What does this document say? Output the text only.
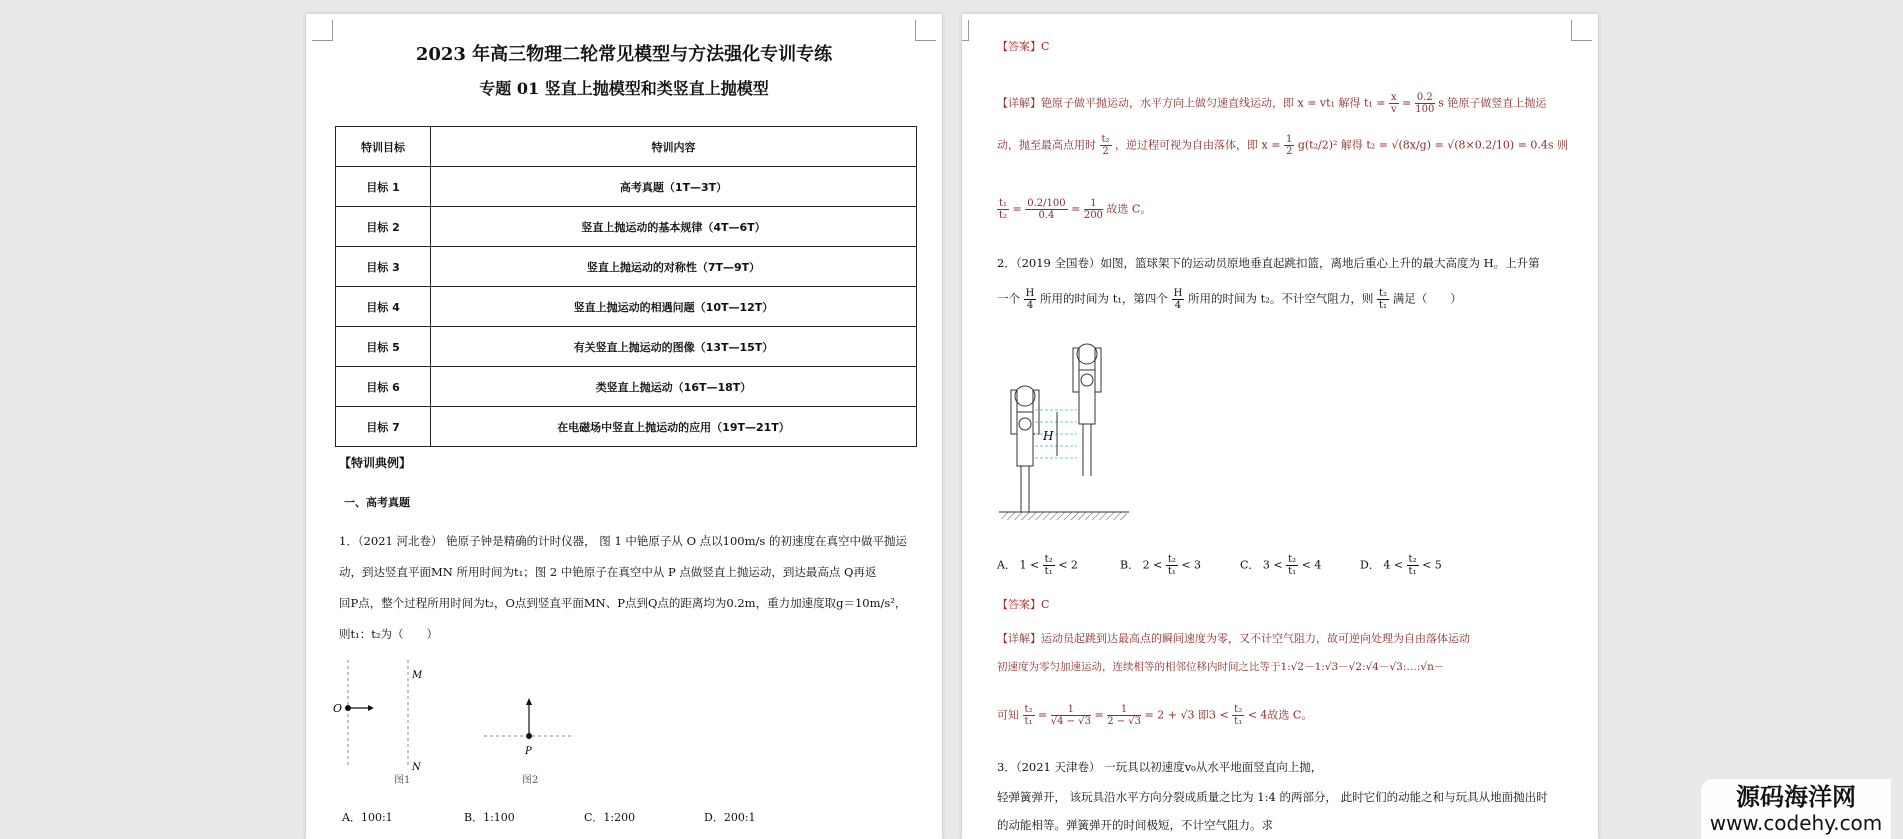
2023 年高三物理二轮常见模型与方法强化专训专练
专题 01 竖直上抛模型和类竖直上抛模型
特训目标	特训内容
目标 1	高考真题（1T—3T）
目标 2	竖直上抛运动的基本规律（4T—6T）
目标 3	竖直上抛运动的对称性（7T—9T）
目标 4	竖直上抛运动的相遇问题（10T—12T）
目标 5	有关竖直上抛运动的图像（13T—15T）
目标 6	类竖直上抛运动（16T—18T）
目标 7	在电磁场中竖直上抛运动的应用（19T—21T）
【特训典例】
一、高考真题
1．（2021 河北卷） 铯原子钟是精确的计时仪器， 图 1 中铯原子从 O 点以100m/s 的初速度在真空中做平抛运
动，到达竖直平面MN 所用时间为t₁；图 2 中铯原子在真空中从 P 点做竖直上抛运动，到达最高点 Q再返
回P点，整个过程所用时间为t₂，O点到竖直平面MN、P点到Q点的距离均为0.2m，重力加速度取g＝10m/s²，
则t₁：t₂为（　　）
O
M
N
P
图1	图2
A．100:1	B．1:100	C．1:200	D．200:1
【答案】C
【详解】铯原子做平抛运动，水平方向上做匀速直线运动，即 x = vt₁ 解得 $t_1 = \frac{x}{v} = \frac{0.2}{100}$ s 铯原子做竖直上抛运
动，抛至最高点用时 $\frac{\text{t₂}}{2}$ ，逆过程可视为自由落体，即 $x = \frac{1}{2} g(t_2/2)^2$ 解得 t₂ = √(8x/g) = √(8×0.2/10) = 0.4s 则
$\frac{\text{t₁}}{\text{t₂}} = \frac{0.2/100}{0.4} = \frac{1}{200}$ 故选 C。
2．（2019 全国卷）如图，篮球架下的运动员原地垂直起跳扣篮，离地后重心上升的最大高度为 H。上升第
一个 $\frac{H}{4}$ 所用的时间为 t₁，第四个 $\frac{H}{4}$ 所用的时间为 t₂。不计空气阻力，则 $\frac{\text{t₂}}{\text{t₁}}$ 满足（　　）
H
A． $1 < \frac{\text{t₂}}{\text{t₁}} < 2$	B． $2 < \frac{\text{t₂}}{\text{t₁}} < 3$	C． $3 < \frac{\text{t₂}}{\text{t₁}} < 4$	D． $4 < \frac{\text{t₂}}{\text{t₁}} < 5$
【答案】C
【详解】运动员起跳到达最高点的瞬间速度为零，又不计空气阻力，故可逆向处理为自由落体运动
初速度为零匀加速运动，连续相等的相邻位移内时间之比等于1:√2－1:√3－√2:√4－√3:…:√n－
可知 $\frac{\text{t₂}}{\text{t₁}} = \frac{1}{√4 - √3} = \frac{1}{2 - √3} = 2 + √3$ 即$3 < \frac{\text{t₂}}{\text{t₁}} < 4$故选 C。
3．（2021 天津卷） 一玩具以初速度v₀从水平地面竖直向上抛，
轻弹簧弹开， 该玩具沿水平方向分裂成质量之比为 1:4 的两部分， 此时它们的动能之和与玩具从地面抛出时
的动能相等。弹簧弹开的时间极短，不计空气阻力。求
源码海洋网
www.codehy.com
